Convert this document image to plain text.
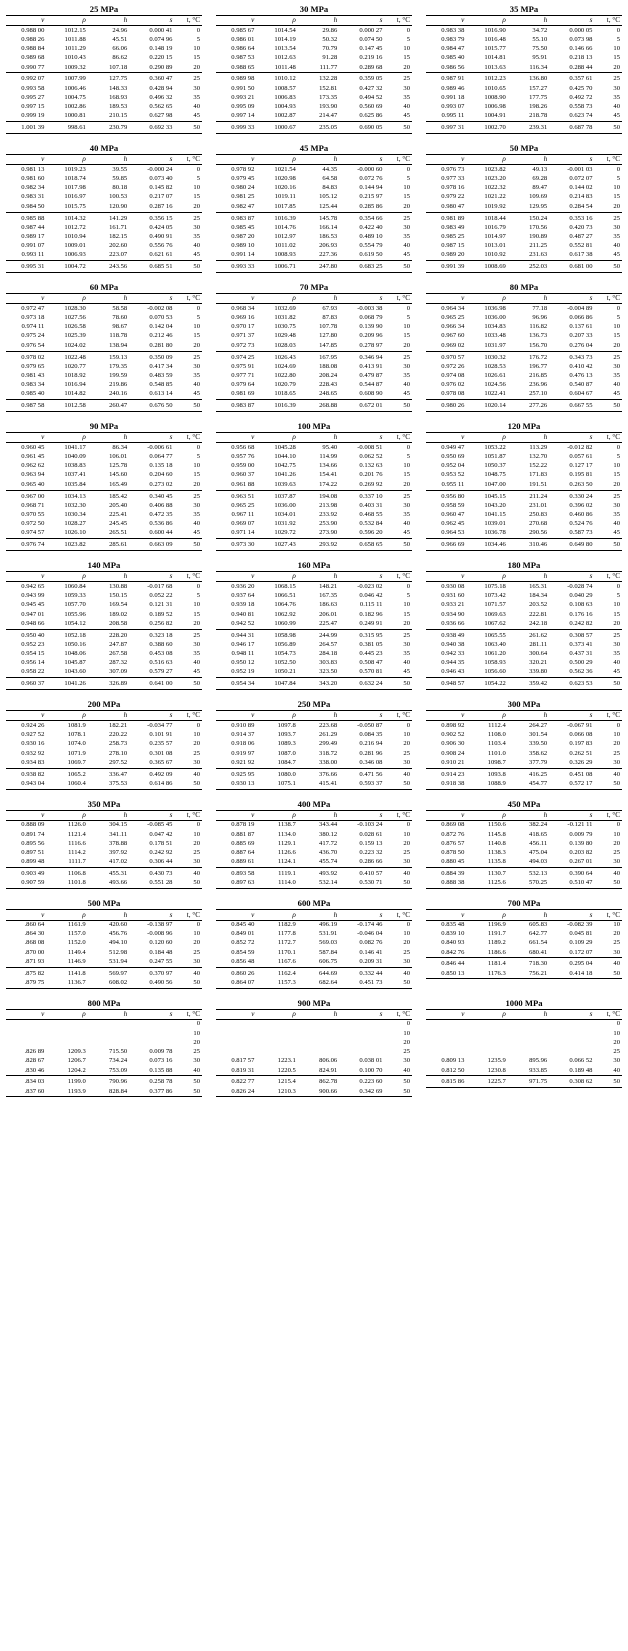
25 MPa
v	ρ	h	s	t, °C
0.988 00	1012.15	24.96	0.000 41	0
0.988 26	1011.88	45.51	0.074 96	5
0.988 84	1011.29	66.06	0.148 19	10
0.989 68	1010.43	86.62	0.220 15	15
0.990 77	1009.32	107.18	0.290 89	20
0.992 07	1007.99	127.75	0.360 47	25
0.993 58	1006.46	148.33	0.428 94	30
0.995 27	1004.75	168.93	0.496 32	35
0.997 15	1002.86	189.53	0.562 65	40
0.999 19	1000.81	210.15	0.627 98	45
1.001 39	998.61	230.79	0.692 33	50
30 MPa
v	ρ	h	s	t, °C
0.985 67	1014.54	29.86	0.000 27	0
0.986 01	1014.19	50.32	0.074 50	5
0.986 64	1013.54	70.79	0.147 45	10
0.987 53	1012.63	91.28	0.219 16	15
0.988 65	1011.48	111.77	0.289 68	20
0.989 98	1010.12	132.28	0.359 05	25
0.991 50	1008.57	152.81	0.427 32	30
0.993 21	1006.83	173.35	0.494 52	35
0.995 09	1004.93	193.90	0.560 69	40
0.997 14	1002.87	214.47	0.625 86	45
0.999 33	1000.67	235.05	0.690 05	50
35 MPa
v	ρ	h	s	t, °C
0.983 38	1016.90	34.72	0.000 05	0
0.983 79	1016.48	55.10	0.073 98	5
0.984 47	1015.77	75.50	0.146 66	10
0.985 40	1014.81	95.91	0.218 13	15
0.986 56	1013.63	116.34	0.288 44	20
0.987 91	1012.23	136.80	0.357 61	25
0.989 46	1010.65	157.27	0.425 70	30
0.991 18	1008.90	177.75	0.492 72	35
0.993 07	1006.98	198.26	0.558 73	40
0.995 11	1004.91	218.78	0.623 74	45
0.997 31	1002.70	239.31	0.687 78	50
40 MPa
v	ρ	h	s	t, °C
0.981 13	1019.23	39.55	-0.000 24	0
0.981 60	1018.74	59.85	0.073 40	5
0.982 34	1017.98	80.18	0.145 82	10
0.983 31	1016.97	100.53	0.217 07	15
0.984 50	1015.75	120.90	0.287 16	20
0.985 88	1014.32	141.29	0.356 15	25
0.987 44	1012.72	161.71	0.424 05	30
0.989 17	1010.94	182.15	0.490 91	35
0.991 07	1009.01	202.60	0.556 76	40
0.993 11	1006.93	223.07	0.621 61	45
0.995 31	1004.72	243.56	0.685 51	50
45 MPa
v	ρ	h	s	t, °C
0.978 92	1021.54	44.35	-0.000 60	0
0.979 45	1020.98	64.58	0.072 76	5
0.980 24	1020.16	84.83	0.144 94	10
0.981 25	1019.11	105.12	0.215 97	15
0.982 47	1017.85	125.44	0.285 86	20
0.983 87	1016.39	145.78	0.354 66	25
0.985 45	1014.76	166.14	0.422 40	30
0.987 20	1012.97	186.53	0.489 10	35
0.989 10	1011.02	206.93	0.554 79	40
0.991 14	1008.93	227.36	0.619 50	45
0.993 33	1006.71	247.80	0.683 25	50
50 MPa
v	ρ	h	s	t, °C
0.976 73	1023.82	49.13	-0.001 03	0
0.977 33	1023.20	69.28	0.072 07	5
0.978 16	1022.32	89.47	0.144 02	10
0.979 22	1021.22	109.69	0.214 83	15
0.980 47	1019.92	129.95	0.284 54	20
0.981 89	1018.44	150.24	0.353 16	25
0.983 49	1016.79	170.56	0.420 73	30
0.985 25	1014.97	190.89	0.487 27	35
0.987 15	1013.01	211.25	0.552 81	40
0.989 20	1010.92	231.63	0.617 38	45
0.991 39	1008.69	252.03	0.681 00	50
60 MPa
v	ρ	h	s	t, °C
0.972 47	1028.30	58.58	-0.002 08	0
0.973 18	1027.56	78.60	0.070 53	5
0.974 11	1026.58	98.67	0.142 04	10
0.975 24	1025.39	118.78	0.212 46	15
0.976 54	1024.02	138.94	0.281 80	20
0.978 02	1022.48	159.13	0.350 09	25
0.979 65	1020.77	179.35	0.417 34	30
0.981 43	1018.92	199.59	0.483 59	35
0.983 34	1016.94	219.86	0.548 85	40
0.985 40	1014.82	240.16	0.613 14	45
0.987 58	1012.58	260.47	0.676 50	50
70 MPa
v	ρ	h	s	t, °C
0.968 34	1032.69	67.93	-0.003 38	0
0.969 16	1031.82	87.83	0.068 79	5
0.970 17	1030.75	107.78	0.139 90	10
0.971 37	1029.48	127.80	0.209 96	15
0.972 73	1028.03	147.85	0.278 97	20
0.974 25	1026.43	167.95	0.346 94	25
0.975 91	1024.69	188.08	0.413 91	30
0.977 71	1022.80	208.24	0.479 87	35
0.979 64	1020.79	228.43	0.544 87	40
0.981 69	1018.65	248.65	0.608 90	45
0.983 87	1016.39	268.88	0.672 01	50
80 MPa
v	ρ	h	s	t, °C
0.964 34	1036.98	77.18	-0.004 89	0
0.965 25	1036.00	96.96	0.066 86	5
0.966 34	1034.83	116.82	0.137 61	10
0.967 60	1033.48	136.73	0.207 33	15
0.969 02	1031.97	156.70	0.276 04	20
0.970 57	1030.32	176.72	0.343 73	25
0.972 26	1028.53	196.77	0.410 42	30
0.974 08	1026.61	216.85	0.476 13	35
0.976 02	1024.56	236.96	0.540 87	40
0.978 08	1022.41	257.10	0.604 67	45
0.980 26	1020.14	277.26	0.667 55	50
90 MPa
v	ρ	h	s	t, °C
0.960 45	1041.17	86.34	-0.006 61	0
0.961 45	1040.09	106.01	0.064 77	5
0.962 62	1038.83	125.78	0.135 18	10
0.963 94	1037.41	145.60	0.204 60	15
0.965 40	1035.84	165.49	0.273 02	20
0.967 00	1034.13	185.42	0.340 45	25
0.968 71	1032.30	205.40	0.406 88	30
0.970 55	1030.34	225.41	0.472 35	35
0.972 50	1028.27	245.45	0.536 86	40
0.974 57	1026.10	265.51	0.600 44	45
0.976 74	1023.82	285.61	0.663 09	50
100 MPa
v	ρ	h	s	t, °C
0.956 68	1045.28	95.40	-0.008 51	0
0.957 76	1044.10	114.99	0.062 52	5
0.959 00	1042.75	134.66	0.132 63	10
0.960 37	1041.26	154.41	0.201 76	15
0.961 88	1039.63	174.22	0.269 92	20
0.963 51	1037.87	194.08	0.337 10	25
0.965 25	1036.00	213.98	0.403 31	30
0.967 11	1034.01	233.92	0.468 55	35
0.969 07	1031.92	253.90	0.532 84	40
0.971 14	1029.72	273.90	0.596 20	45
0.973 30	1027.43	293.92	0.658 65	50
120 MPa
v	ρ	h	s	t, °C
0.949 47	1053.22	113.29	-0.012 82	0
0.950 69	1051.87	132.70	0.057 61	5
0.952 04	1050.37	152.22	0.127 17	10
0.953 52	1048.75	171.83	0.195 81	15
0.955 11	1047.00	191.51	0.263 50	20
0.956 80	1045.15	211.24	0.330 24	25
0.958 59	1043.20	231.01	0.396 02	30
0.960 47	1041.15	250.83	0.460 86	35
0.962 45	1039.01	270.68	0.524 76	40
0.964 53	1036.78	290.56	0.587 73	45
0.966 69	1034.46	310.46	0.649 80	50
140 MPa
v	ρ	h	s	t, °C
0.942 65	1060.84	130.88	-0.017 68	0
0.943 99	1059.33	150.15	0.052 22	5
0.945 45	1057.70	169.54	0.121 31	10
0.947 01	1055.96	189.02	0.189 52	15
0.948 66	1054.12	208.58	0.256 82	20
0.950 40	1052.18	228.20	0.323 18	25
0.952 23	1050.16	247.87	0.388 60	30
0.954 15	1048.06	267.58	0.453 08	35
0.956 14	1045.87	287.32	0.516 63	40
0.958 22	1043.60	307.09	0.579 27	45
0.960 37	1041.26	326.89	0.641 00	50
160 MPa
v	ρ	h	s	t, °C
0.936 20	1068.15	148.21	-0.023 02	0
0.937 64	1066.51	167.35	0.046 42	5
0.939 18	1064.76	186.63	0.115 11	10
0.940 81	1062.92	206.01	0.182 96	15
0.942 52	1060.99	225.47	0.249 91	20
0.944 31	1058.98	244.99	0.315 95	25
0.946 17	1056.89	264.57	0.381 05	30
0.948 11	1054.73	284.18	0.445 23	35
0.950 12	1052.50	303.83	0.508 47	40
0.952 19	1050.21	323.50	0.570 81	45
0.954 34	1047.84	343.20	0.632 24	50
180 MPa
v	ρ	h	s	t, °C
0.930 08	1075.18	165.31	-0.028 74	0
0.931 60	1073.42	184.34	0.040 29	5
0.933 21	1071.57	203.52	0.108 63	10
0.934 90	1069.63	222.81	0.176 16	15
0.936 66	1067.62	242.18	0.242 82	20
0.938 49	1065.55	261.62	0.308 57	25
0.940 38	1063.40	281.11	0.373 41	30
0.942 33	1061.20	300.64	0.437 31	35
0.944 35	1058.93	320.21	0.500 29	40
0.946 43	1056.60	339.80	0.562 36	45
0.948 57	1054.22	359.42	0.623 53	50
200 MPa
v	ρ	h	s	t, °C
0.924 26	1081.9	182.21	-0.034 77	0
0.927 52	1078.1	220.22	0.101 91	10
0.930 16	1074.0	258.73	0.235 57	20
0.932 92	1071.9	278.10	0.301 08	25
0.934 83	1069.7	297.52	0.365 67	30
0.938 82	1065.2	336.47	0.492 09	40
0.943 04	1060.4	375.53	0.614 86	50
250 MPa
v	ρ	h	s	t, °C
0.910 89	1097.8	223.68	-0.050 87	0
0.914 37	1093.7	261.29	0.084 35	10
0.918 06	1089.3	299.49	0.216 94	20
0.919 97	1087.0	318.72	0.281 96	25
0.921 92	1084.7	338.00	0.346 08	30
0.925 95	1080.0	376.66	0.471 56	40
0.930 13	1075.1	415.41	0.593 37	50
300 MPa
v	ρ	h	s	t, °C
0.898 92	1112.4	264.27	-0.067 91	0
0.902 52	1108.0	301.54	0.066 08	10
0.906 30	1103.4	339.50	0.197 83	20
0.908 24	1101.0	358.62	0.262 51	25
0.910 21	1098.7	377.79	0.326 29	30
0.914 23	1093.8	416.25	0.451 08	40
0.918 38	1088.9	454.77	0.572 17	50
350 MPa
v	ρ	h	s	t, °C
0.888 09	1126.0	304.15	-0.085 45	0
0.891 74	1121.4	341.11	0.047 42	10
0.895 56	1116.6	378.88	0.178 51	20
0.897 51	1114.2	397.92	0.242 92	25
0.899 48	1111.7	417.02	0.306 44	30
0.903 49	1106.8	455.31	0.430 73	40
0.907 59	1101.8	493.66	0.551 28	50
400 MPa
v	ρ	h	s	t, °C
0.878 19	1138.7	343.44	-0.103 24	0
0.881 87	1134.0	380.12	0.028 61	10
0.885 69	1129.1	417.72	0.159 13	20
0.887 64	1126.6	436.70	0.223 32	25
0.889 61	1124.1	455.74	0.286 66	30
0.893 58	1119.1	493.92	0.410 57	40
0.897 63	1114.0	532.14	0.530 71	50
450 MPa
v	ρ	h	s	t, °C
0.869 08	1150.6	382.24	-0.121 11	0
0.872 76	1145.8	418.65	0.009 79	10
0.876 57	1140.8	456.11	0.139 80	20
0.878 50	1138.3	475.04	0.203 82	25
0.880 45	1135.8	494.03	0.267 01	30
0.884 39	1130.7	532.13	0.390 64	40
0.888 38	1125.6	570.25	0.510 47	50
500 MPa
v	ρ	h	s	t, °C
.860 64	1161.9	420.60	-0.138 97	0
.864 30	1157.0	456.76	-0.008 96	10
.868 08	1152.0	494.10	0.120 60	20
.870 00	1149.4	512.98	0.184 48	25
.871 93	1146.9	531.94	0.247 55	30
.875 82	1141.8	569.97	0.370 97	40
.879 75	1136.7	608.02	0.490 56	50
600 MPa
v	ρ	h	s	t, °C
0.845 40	1182.9	496.19	-0.174 46	0
0.849 01	1177.8	531.91	-0.046 04	10
0.852 72	1172.7	569.03	0.082 76	20
0.854 59	1170.1	587.84	0.146 41	25
0.856 48	1167.6	606.75	0.209 31	30
0.860 26	1162.4	644.69	0.332 44	40
0.864 07	1157.3	682.64	0.451 73	50
700 MPa
v	ρ	h	s	t, °C
0.835 48	1196.9	605.83	-0.082 39	10
0.839 10	1191.7	642.77	0.045 81	20
0.840 93	1189.2	661.54	0.109 29	25
0.842 76	1186.6	680.41	0.172 07	30
0.846 44	1181.4	718.30	0.295 04	40
0.850 13	1176.3	756.21	0.414 18	50
800 MPa
v	ρ	h	s	t, °C
				0
				10
				20
.826 89	1209.3	715.50	0.009 78	25
.828 67	1206.7	734.24	0.073 16	30
.830 46	1204.2	753.09	0.135 88	40
.834 03	1199.0	790.96	0.258 78	50
.837 60	1193.9	828.84	0.377 86	50
900 MPa
v	ρ	h	s	t, °C
				0
				10
				20
				25
0.817 57	1223.1	806.06	0.038 01	30
0.819 31	1220.5	824.91	0.100 70	40
0.822 77	1215.4	862.78	0.223 60	50
0.826 24	1210.3	900.66	0.342 69	50
1000 MPa
v	ρ	h	s	t, °C
				0
				10
				20
				25
0.809 13	1235.9	895.96	0.066 52	30
0.812 50	1230.8	933.85	0.189 48	40
0.815 86	1225.7	971.75	0.308 62	50
